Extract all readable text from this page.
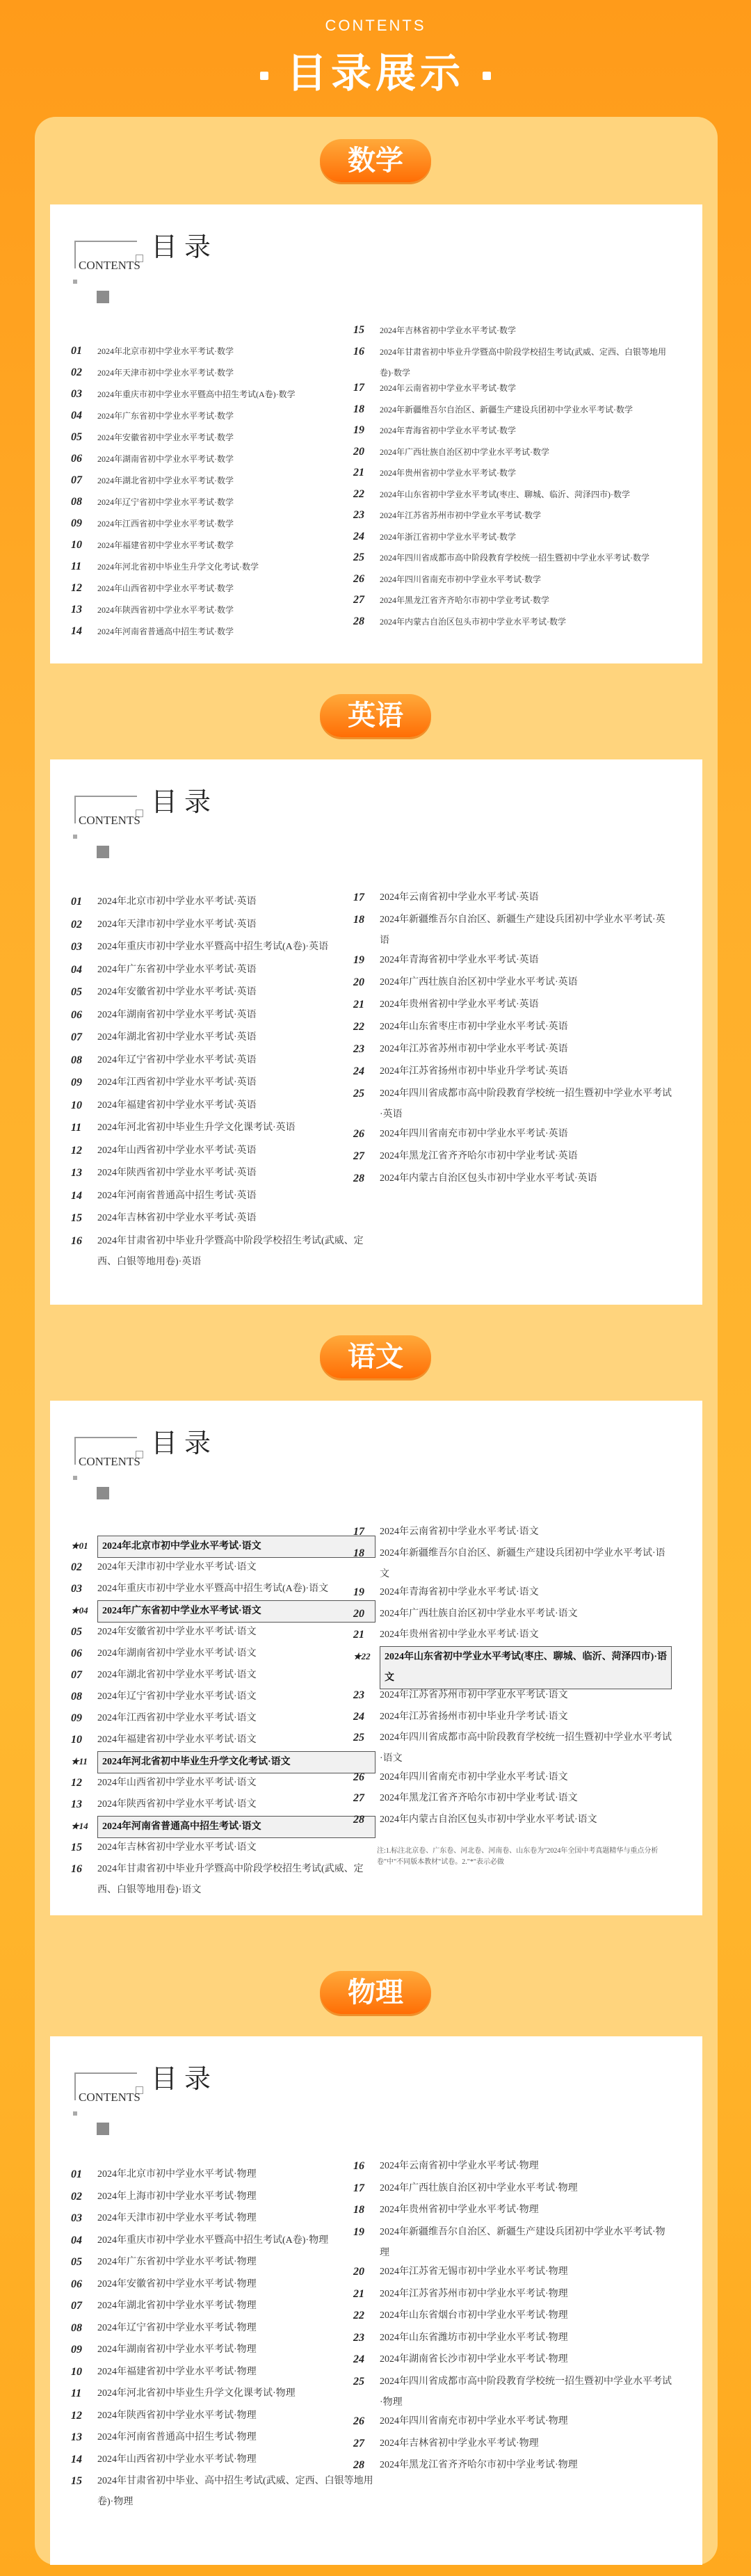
CONTENTS
目录展示
数学
CONTENTS
目录
01 2024年北京市初中学业水平考试·数学
02 2024年天津市初中学业水平考试·数学
03 2024年重庆市初中学业水平暨高中招生考试(A卷)·数学
04 2024年广东省初中学业水平考试·数学
05 2024年安徽省初中学业水平考试·数学
06 2024年湖南省初中学业水平考试·数学
07 2024年湖北省初中学业水平考试·数学
08 2024年辽宁省初中学业水平考试·数学
09 2024年江西省初中学业水平考试·数学
10 2024年福建省初中学业水平考试·数学
11 2024年河北省初中毕业生升学文化考试·数学
12 2024年山西省初中学业水平考试·数学
13 2024年陕西省初中学业水平考试·数学
14 2024年河南省普通高中招生考试·数学
15 2024年吉林省初中学业水平考试·数学
16 2024年甘肃省初中毕业升学暨高中阶段学校招生考试(武威、定西、白银等地用卷)·数学
17 2024年云南省初中学业水平考试·数学
18 2024年新疆维吾尔自治区、新疆生产建设兵团初中学业水平考试·数学
19 2024年青海省初中学业水平考试·数学
20 2024年广西壮族自治区初中学业水平考试·数学
21 2024年贵州省初中学业水平考试·数学
22 2024年山东省初中学业水平考试(枣庄、聊城、临沂、菏泽四市)·数学
23 2024年江苏省苏州市初中学业水平考试·数学
24 2024年浙江省初中学业水平考试·数学
25 2024年四川省成都市高中阶段教育学校统一招生暨初中学业水平考试·数学
26 2024年四川省南充市初中学业水平考试·数学
27 2024年黑龙江省齐齐哈尔市初中学业考试·数学
28 2024年内蒙古自治区包头市初中学业水平考试·数学
英语
CONTENTS
目录
01 2024年北京市初中学业水平考试·英语
02 2024年天津市初中学业水平考试·英语
03 2024年重庆市初中学业水平暨高中招生考试(A卷)·英语
04 2024年广东省初中学业水平考试·英语
05 2024年安徽省初中学业水平考试·英语
06 2024年湖南省初中学业水平考试·英语
07 2024年湖北省初中学业水平考试·英语
08 2024年辽宁省初中学业水平考试·英语
09 2024年江西省初中学业水平考试·英语
10 2024年福建省初中学业水平考试·英语
11 2024年河北省初中毕业生升学文化课考试·英语
12 2024年山西省初中学业水平考试·英语
13 2024年陕西省初中学业水平考试·英语
14 2024年河南省普通高中招生考试·英语
15 2024年吉林省初中学业水平考试·英语
16 2024年甘肃省初中毕业升学暨高中阶段学校招生考试(武威、定西、白银等地用卷)·英语
17 2024年云南省初中学业水平考试·英语
18 2024年新疆维吾尔自治区、新疆生产建设兵团初中学业水平考试·英语
19 2024年青海省初中学业水平考试·英语
20 2024年广西壮族自治区初中学业水平考试·英语
21 2024年贵州省初中学业水平考试·英语
22 2024年山东省枣庄市初中学业水平考试·英语
23 2024年江苏省苏州市初中学业水平考试·英语
24 2024年江苏省扬州市初中毕业升学考试·英语
25 2024年四川省成都市高中阶段教育学校统一招生暨初中学业水平考试·英语
26 2024年四川省南充市初中学业水平考试·英语
27 2024年黑龙江省齐齐哈尔市初中学业考试·英语
28 2024年内蒙古自治区包头市初中学业水平考试·英语
语文
CONTENTS
目录
★01 2024年北京市初中学业水平考试·语文
02 2024年天津市初中学业水平考试·语文
03 2024年重庆市初中学业水平暨高中招生考试(A卷)·语文
★04 2024年广东省初中学业水平考试·语文
05 2024年安徽省初中学业水平考试·语文
06 2024年湖南省初中学业水平考试·语文
07 2024年湖北省初中学业水平考试·语文
08 2024年辽宁省初中学业水平考试·语文
09 2024年江西省初中学业水平考试·语文
10 2024年福建省初中学业水平考试·语文
★11 2024年河北省初中毕业生升学文化考试·语文
12 2024年山西省初中学业水平考试·语文
13 2024年陕西省初中学业水平考试·语文
★14 2024年河南省普通高中招生考试·语文
15 2024年吉林省初中学业水平考试·语文
16 2024年甘肃省初中毕业升学暨高中阶段学校招生考试(武威、定西、白银等地用卷)·语文
17 2024年云南省初中学业水平考试·语文
18 2024年新疆维吾尔自治区、新疆生产建设兵团初中学业水平考试·语文
19 2024年青海省初中学业水平考试·语文
20 2024年广西壮族自治区初中学业水平考试·语文
21 2024年贵州省初中学业水平考试·语文
★22 2024年山东省初中学业水平考试(枣庄、聊城、临沂、菏泽四市)·语文
23 2024年江苏省苏州市初中学业水平考试·语文
24 2024年江苏省扬州市初中毕业升学考试·语文
25 2024年四川省成都市高中阶段教育学校统一招生暨初中学业水平考试·语文
26 2024年四川省南充市初中学业水平考试·语文
27 2024年黑龙江省齐齐哈尔市初中学业考试·语文
28 2024年内蒙古自治区包头市初中学业水平考试·语文
注:1.标注北京卷、广东卷、河北卷、河南卷、山东卷为"2024年全国中考真题精华与重点分析卷"中"不同版本教材"试卷。2."*"表示必做
物理
CONTENTS
目录
01 2024年北京市初中学业水平考试·物理
02 2024年上海市初中学业水平考试·物理
03 2024年天津市初中学业水平考试·物理
04 2024年重庆市初中学业水平暨高中招生考试(A卷)·物理
05 2024年广东省初中学业水平考试·物理
06 2024年安徽省初中学业水平考试·物理
07 2024年湖北省初中学业水平考试·物理
08 2024年辽宁省初中学业水平考试·物理
09 2024年湖南省初中学业水平考试·物理
10 2024年福建省初中学业水平考试·物理
11 2024年河北省初中毕业生升学文化课考试·物理
12 2024年陕西省初中学业水平考试·物理
13 2024年河南省普通高中招生考试·物理
14 2024年山西省初中学业水平考试·物理
15 2024年甘肃省初中毕业、高中招生考试(武威、定西、白银等地用卷)·物理
16 2024年云南省初中学业水平考试·物理
17 2024年广西壮族自治区初中学业水平考试·物理
18 2024年贵州省初中学业水平考试·物理
19 2024年新疆维吾尔自治区、新疆生产建设兵团初中学业水平考试·物理
20 2024年江苏省无锡市初中学业水平考试·物理
21 2024年江苏省苏州市初中学业水平考试·物理
22 2024年山东省烟台市初中学业水平考试·物理
23 2024年山东省潍坊市初中学业水平考试·物理
24 2024年湖南省长沙市初中学业水平考试·物理
25 2024年四川省成都市高中阶段教育学校统一招生暨初中学业水平考试·物理
26 2024年四川省南充市初中学业水平考试·物理
27 2024年吉林省初中学业水平考试·物理
28 2024年黑龙江省齐齐哈尔市初中学业考试·物理
